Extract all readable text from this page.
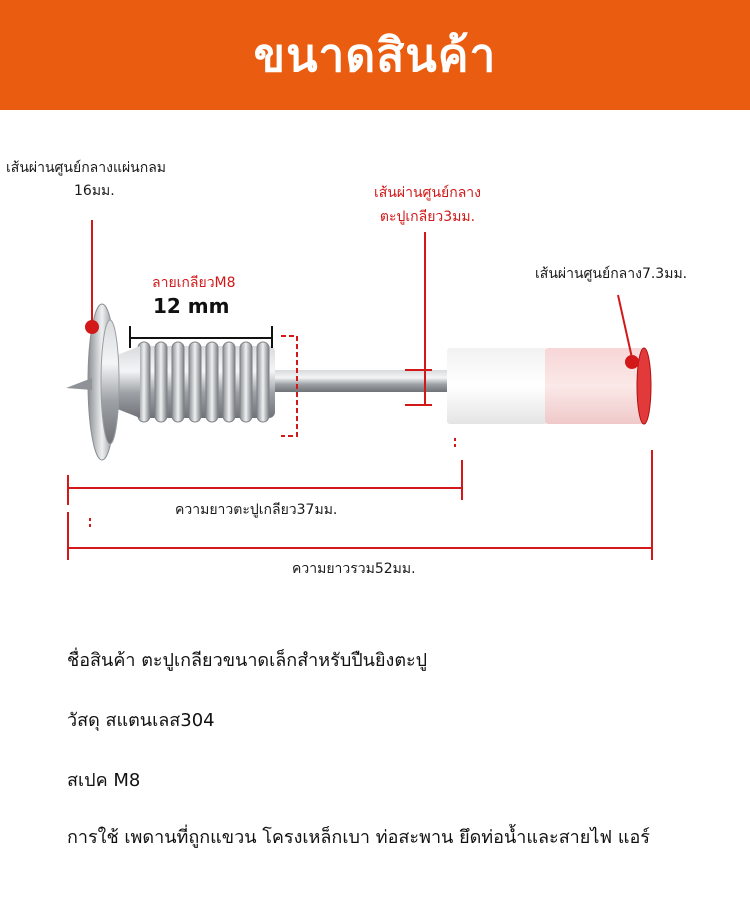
ขนาดสินค้า
เส้นผ่านศูนย์กลางแผ่นกลม
16มม.	เส้นผ่านศูนย์กลาง
ตะปูเกลียว3มม.
เส้นผ่านศูนย์กลาง7.3มม.
ลายเกลียวM8
12 mm
ความยาวตะปูเกลียว37มม.
ความยาวรวม52มม.
ชื่อสินค้า ตะปูเกลียวขนาดเล็กสำหรับปืนยิงตะปู
วัสดุ สแตนเลส304
สเปค M8
การใช้ เพดานที่ถูกแขวน โครงเหล็กเบา ท่อสะพาน ยึดท่อน้ำและสายไฟ แอร์
